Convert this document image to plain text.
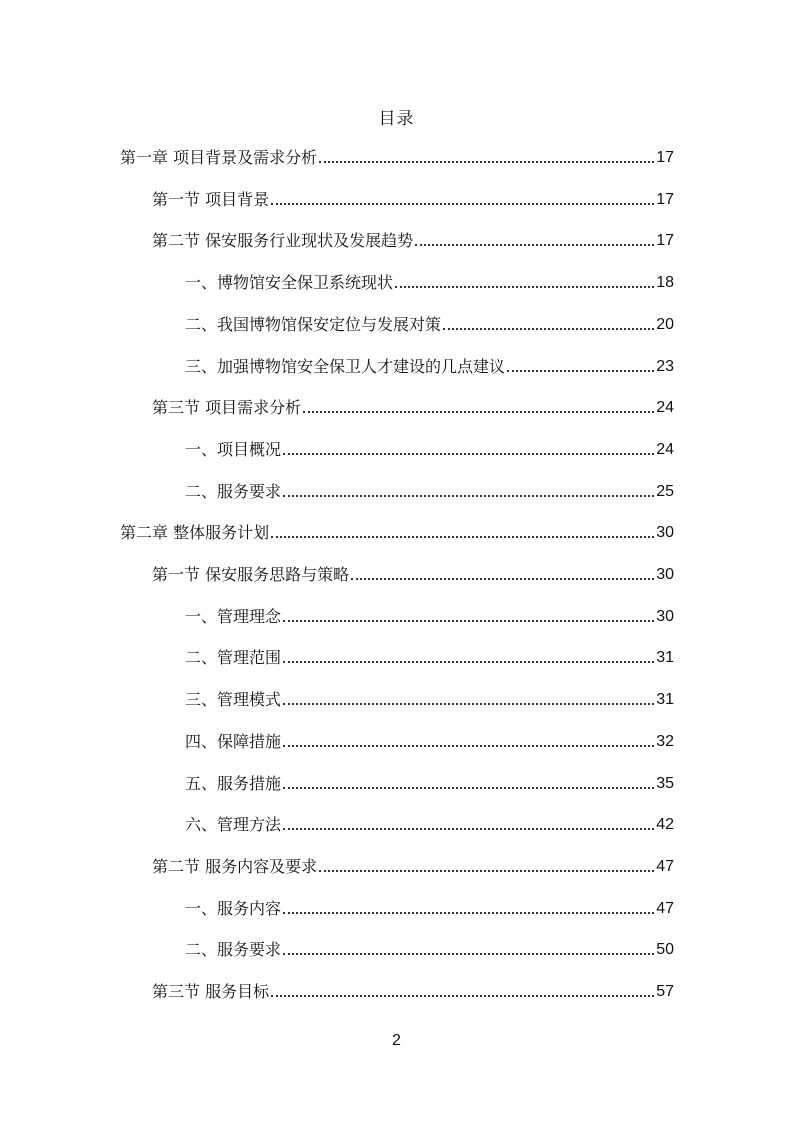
目录
第一章 项目背景及需求分析	17
第一节 项目背景	17
第二节 保安服务行业现状及发展趋势	17
一、博物馆安全保卫系统现状	18
二、我国博物馆保安定位与发展对策	20
三、加强博物馆安全保卫人才建设的几点建议	23
第三节 项目需求分析	24
一、项目概况	24
二、服务要求	25
第二章 整体服务计划	30
第一节 保安服务思路与策略	30
一、管理理念	30
二、管理范围	31
三、管理模式	31
四、保障措施	32
五、服务措施	35
六、管理方法	42
第二节 服务内容及要求	47
一、服务内容	47
二、服务要求	50
第三节 服务目标	57
2
